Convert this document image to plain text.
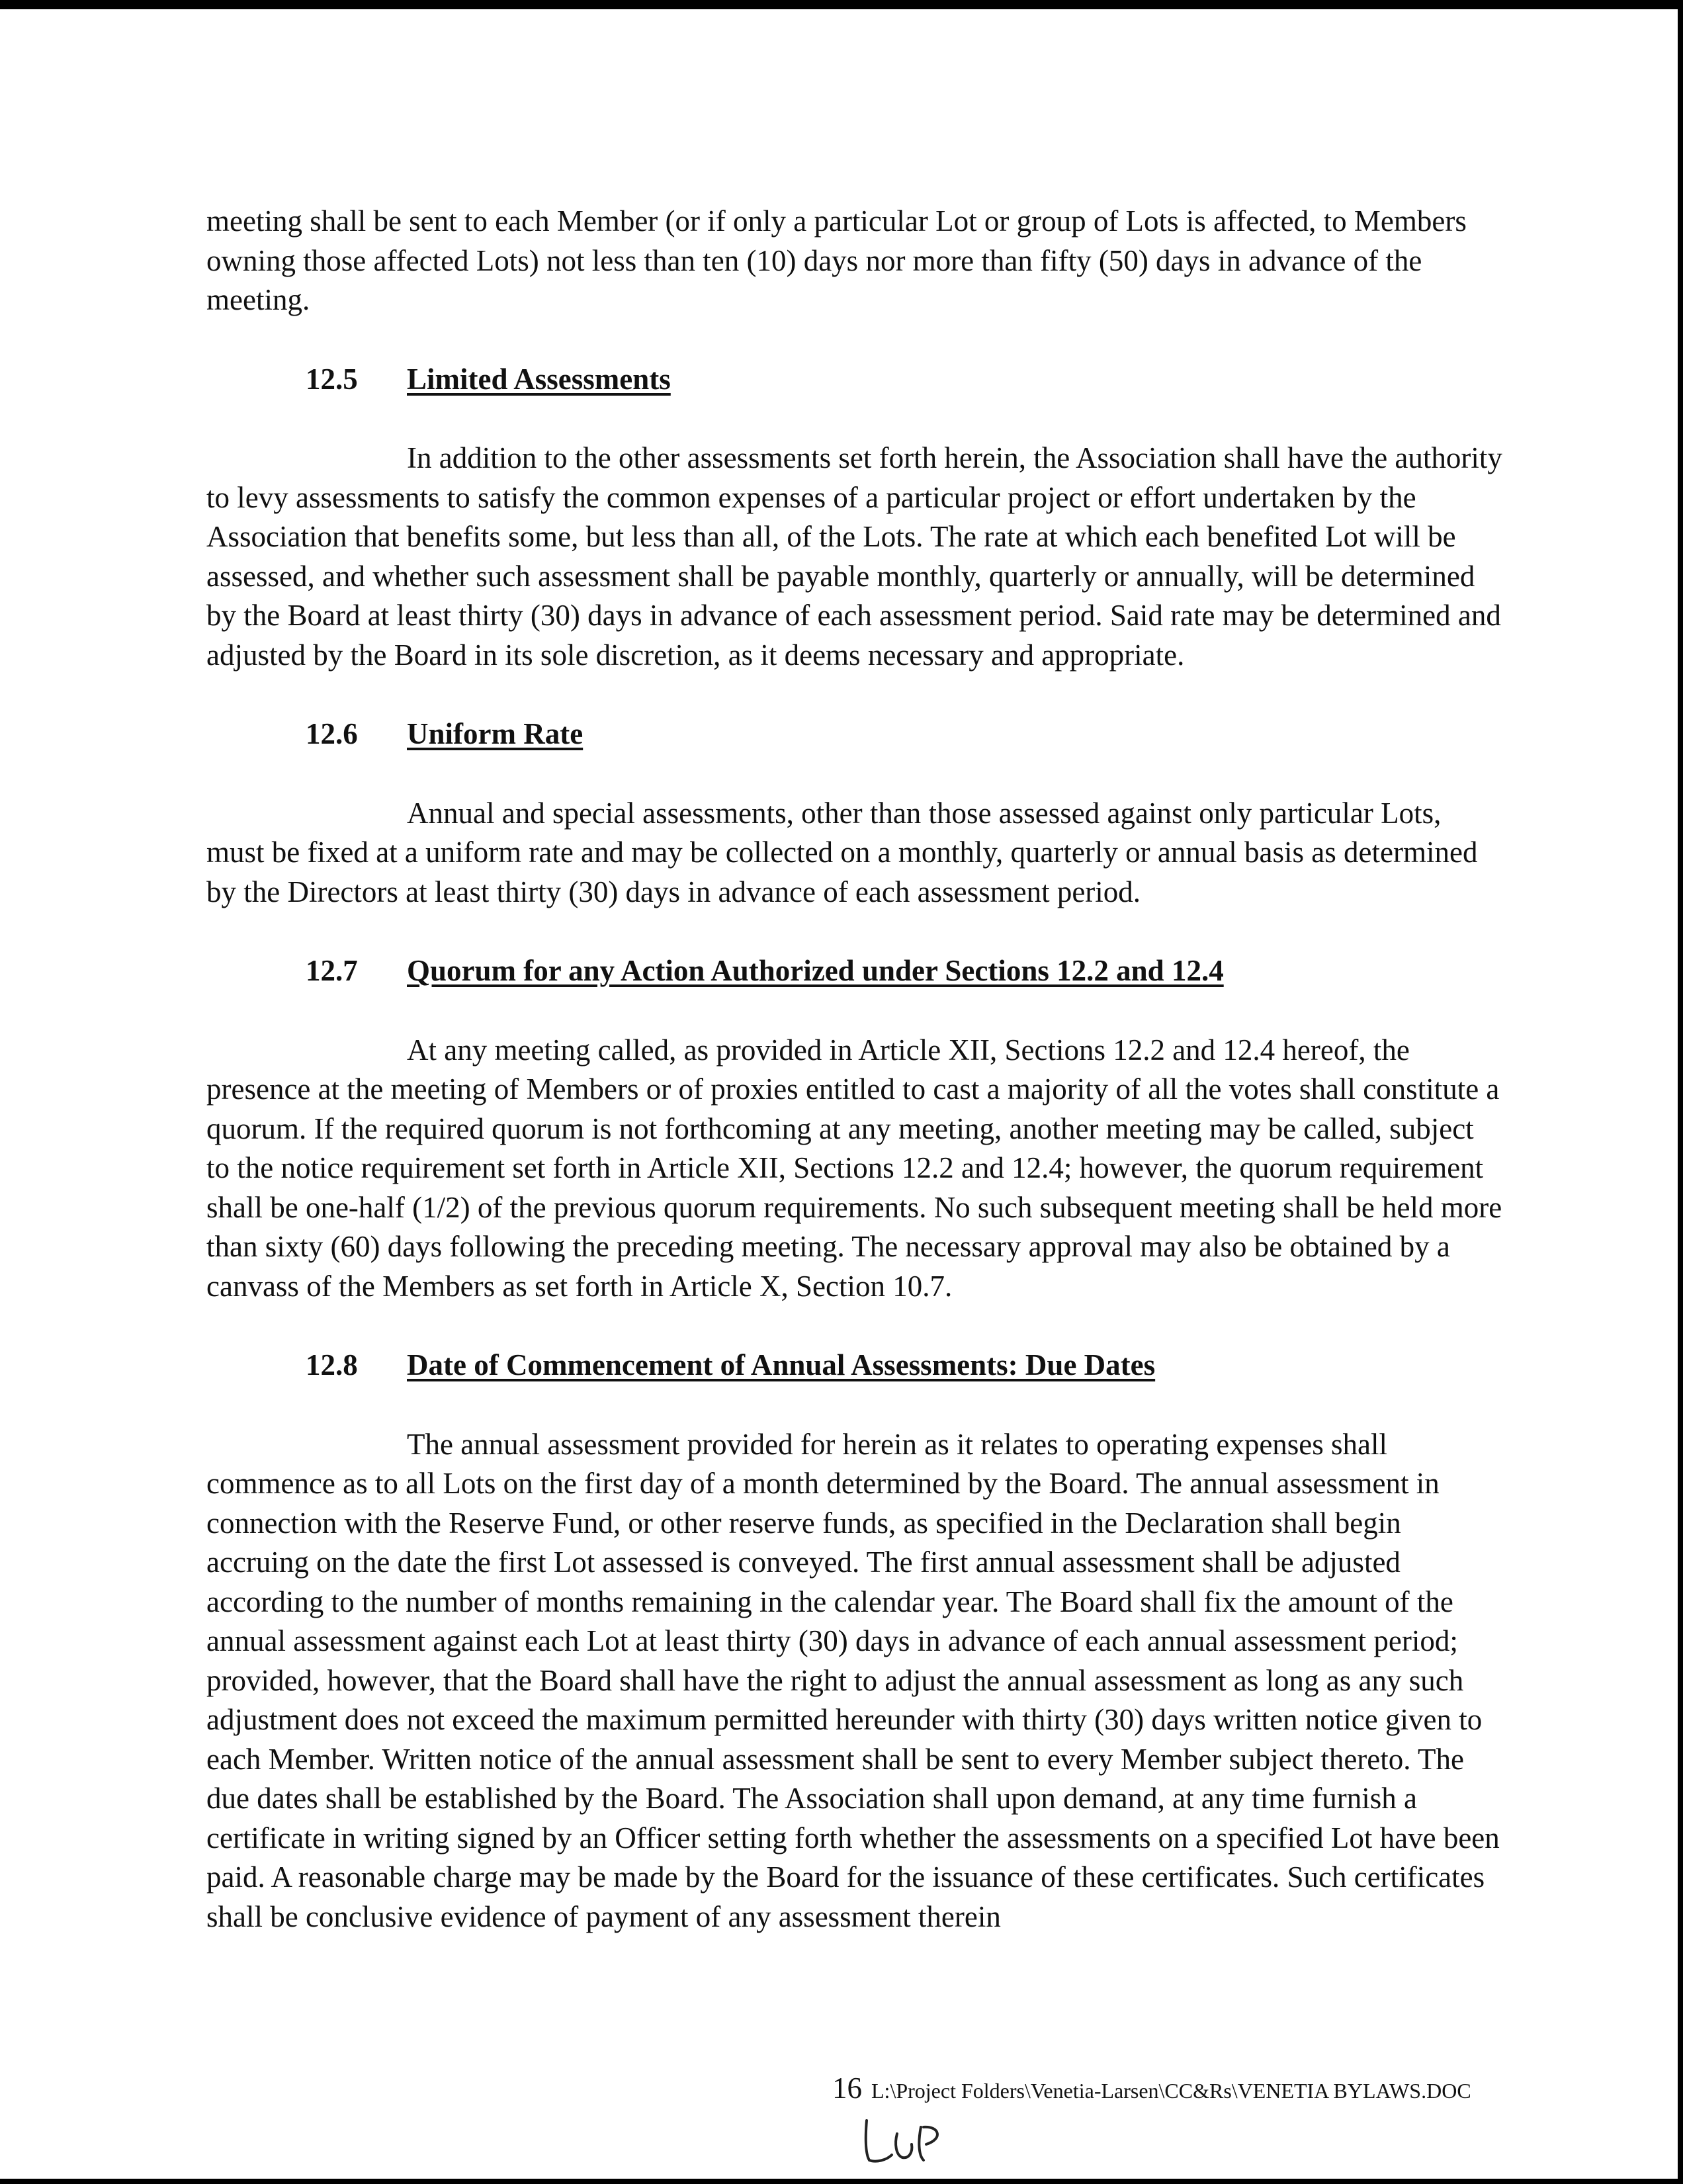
meeting shall be sent to each Member (or if only a particular Lot or group of Lots is affected, to Members owning those affected Lots) not less than ten (10) days nor more than fifty (50) days in advance of the meeting.

12.5 Limited Assessments

In addition to the other assessments set forth herein, the Association shall have the authority to levy assessments to satisfy the common expenses of a particular project or effort undertaken by the Association that benefits some, but less than all, of the Lots. The rate at which each benefited Lot will be assessed, and whether such assessment shall be payable monthly, quarterly or annually, will be determined by the Board at least thirty (30) days in advance of each assessment period. Said rate may be determined and adjusted by the Board in its sole discretion, as it deems necessary and appropriate.

12.6 Uniform Rate

Annual and special assessments, other than those assessed against only particular Lots, must be fixed at a uniform rate and may be collected on a monthly, quarterly or annual basis as determined by the Directors at least thirty (30) days in advance of each assessment period.

12.7 Quorum for any Action Authorized under Sections 12.2 and 12.4

At any meeting called, as provided in Article XII, Sections 12.2 and 12.4 hereof, the presence at the meeting of Members or of proxies entitled to cast a majority of all the votes shall constitute a quorum. If the required quorum is not forthcoming at any meeting, another meeting may be called, subject to the notice requirement set forth in Article XII, Sections 12.2 and 12.4; however, the quorum requirement shall be one-half (1/2) of the previous quorum requirements. No such subsequent meeting shall be held more than sixty (60) days following the preceding meeting. The necessary approval may also be obtained by a canvass of the Members as set forth in Article X, Section 10.7.

12.8 Date of Commencement of Annual Assessments: Due Dates

The annual assessment provided for herein as it relates to operating expenses shall commence as to all Lots on the first day of a month determined by the Board. The annual assessment in connection with the Reserve Fund, or other reserve funds, as specified in the Declaration shall begin accruing on the date the first Lot assessed is conveyed. The first annual assessment shall be adjusted according to the number of months remaining in the calendar year. The Board shall fix the amount of the annual assessment against each Lot at least thirty (30) days in advance of each annual assessment period; provided, however, that the Board shall have the right to adjust the annual assessment as long as any such adjustment does not exceed the maximum permitted hereunder with thirty (30) days written notice given to each Member. Written notice of the annual assessment shall be sent to every Member subject thereto. The due dates shall be established by the Board. The Association shall upon demand, at any time furnish a certificate in writing signed by an Officer setting forth whether the assessments on a specified Lot have been paid. A reasonable charge may be made by the Board for the issuance of these certificates. Such certificates shall be conclusive evidence of payment of any assessment therein

16 L:\Project Folders\Venetia-Larsen\CC&Rs\VENETIA BYLAWS.DOC
